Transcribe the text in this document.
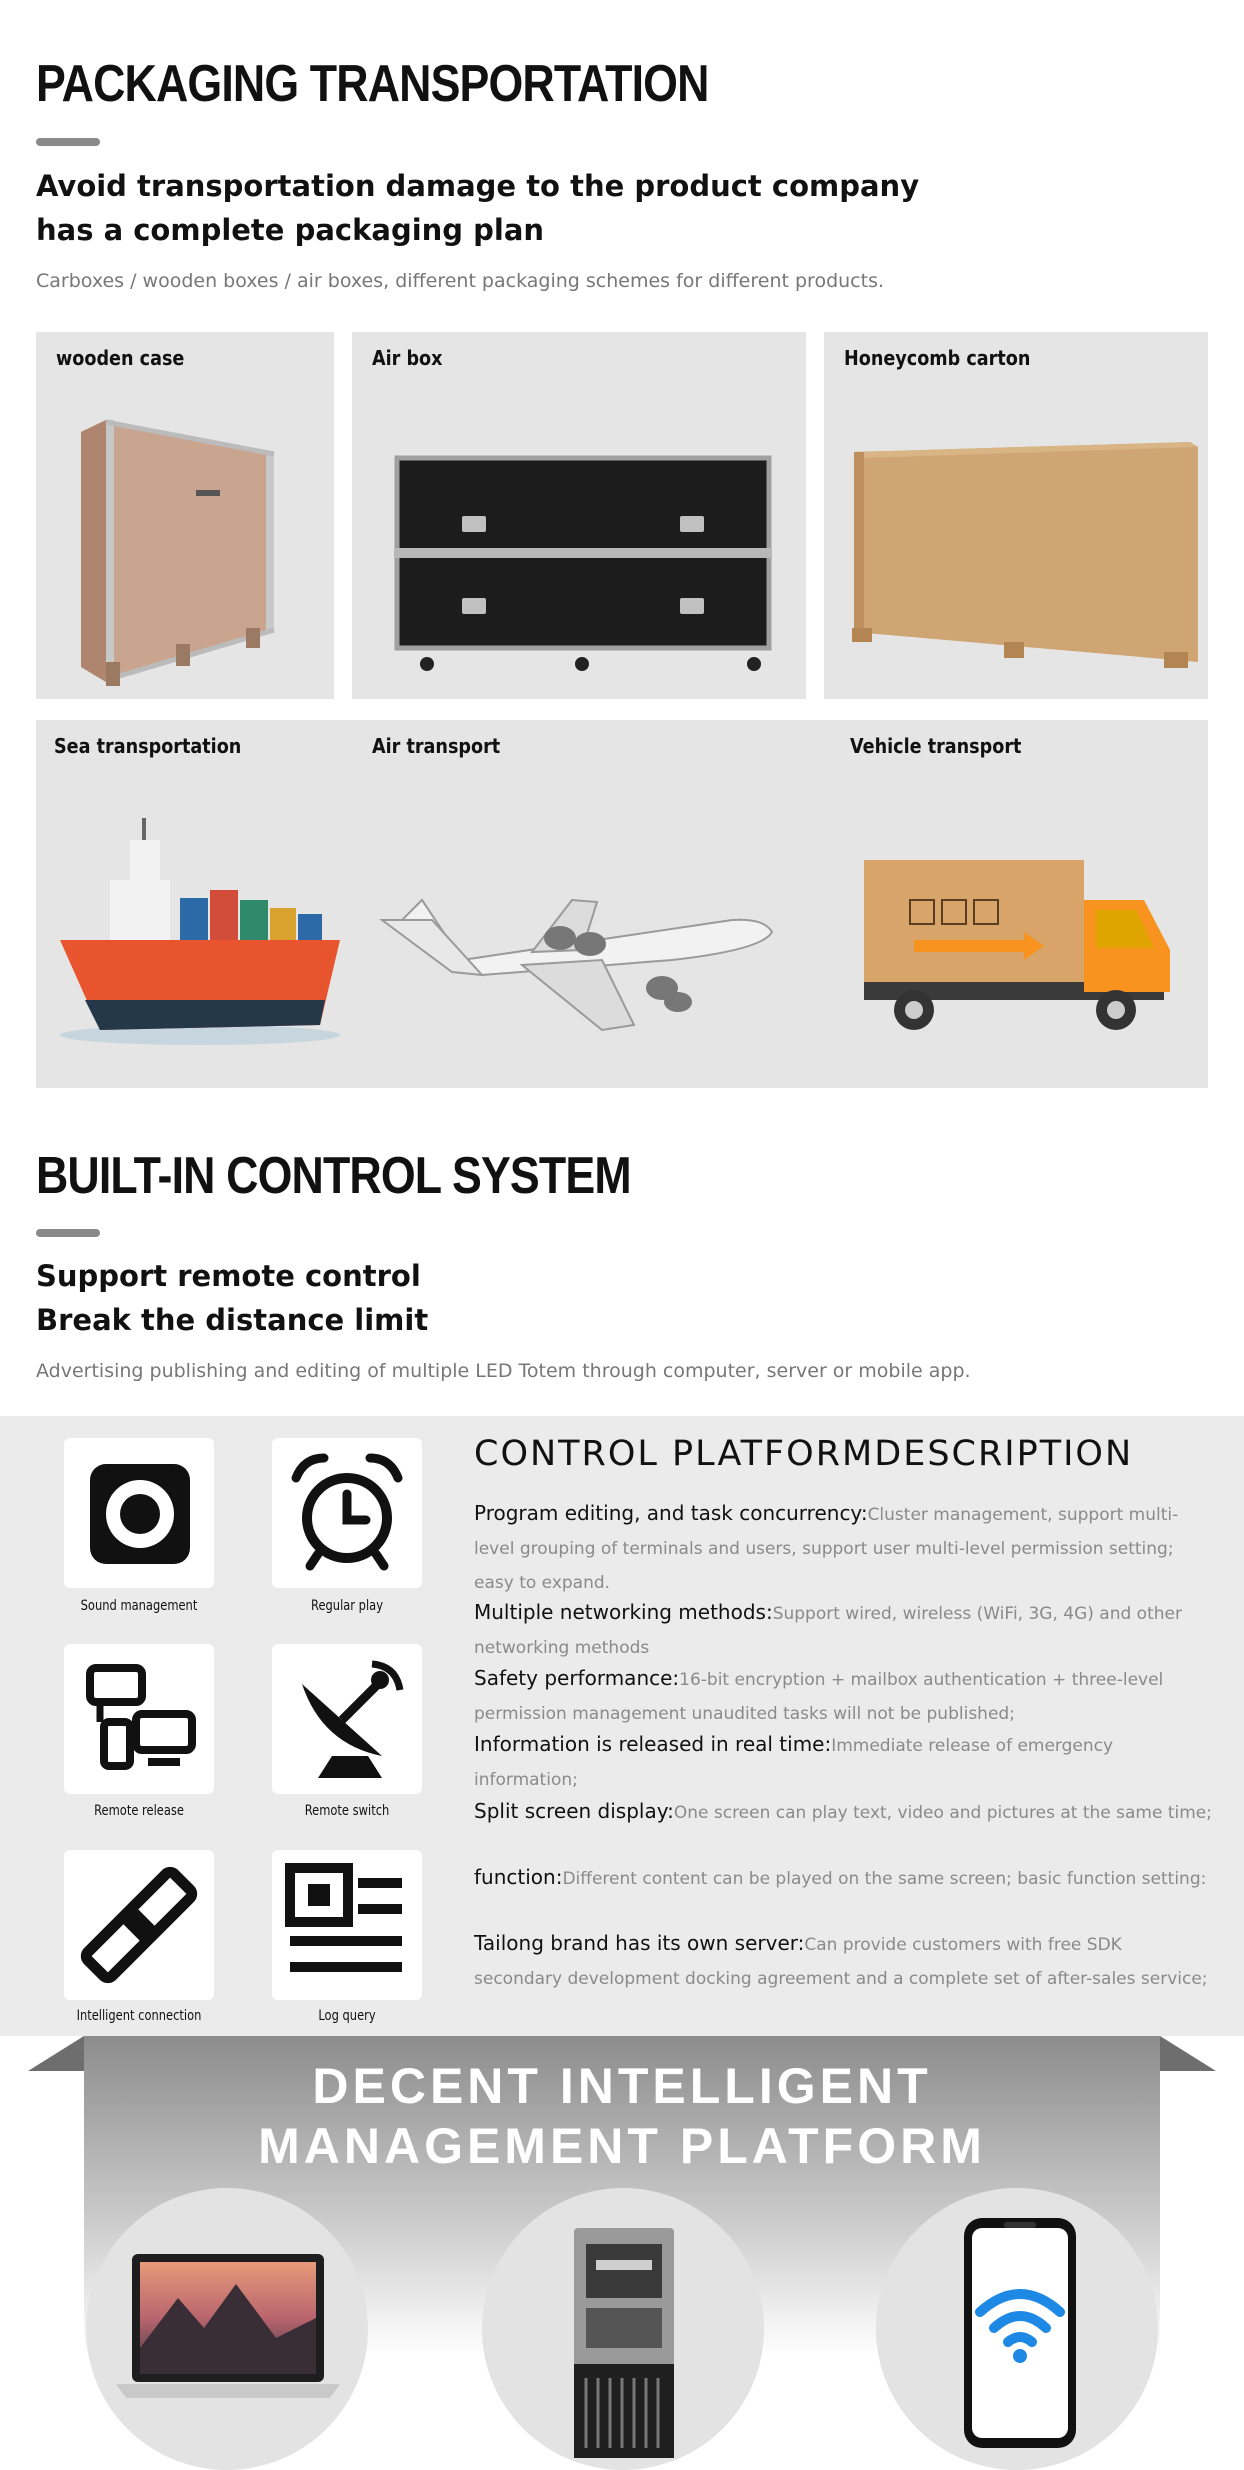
PACKAGING TRANSPORTATION
Avoid transportation damage to the product company
has a complete packaging plan
Carboxes / wooden boxes / air boxes, different packaging schemes for different products.
wooden case	Air box	Honeycomb carton
Sea transportation	Air transport	Vehicle transport
BUILT-IN CONTROL SYSTEM
Support remote control
Break the distance limit
Advertising publishing and editing of multiple LED Totem through computer, server or mobile app.
Sound management	Regular play
Remote release	Remote switch
Intelligent connection	Log query
CONTROL PLATFORMDESCRIPTION
Program editing, and task concurrency:Cluster management, support multi-level grouping of terminals and users, support user multi-level permission setting; easy to expand.
Multiple networking methods:Support wired, wireless (WiFi, 3G, 4G) and other networking methods
Safety performance:16-bit encryption + mailbox authentication + three-level permission management unaudited tasks will not be published;
Information is released in real time:Immediate release of emergency information;
Split screen display:One screen can play text, video and pictures at the same time;
function:Different content can be played on the same screen; basic function setting:
Tailong brand has its own server:Can provide customers with free SDK secondary development docking agreement and a complete set of after-sales service;
DECENT INTELLIGENT
MANAGEMENT PLATFORM
